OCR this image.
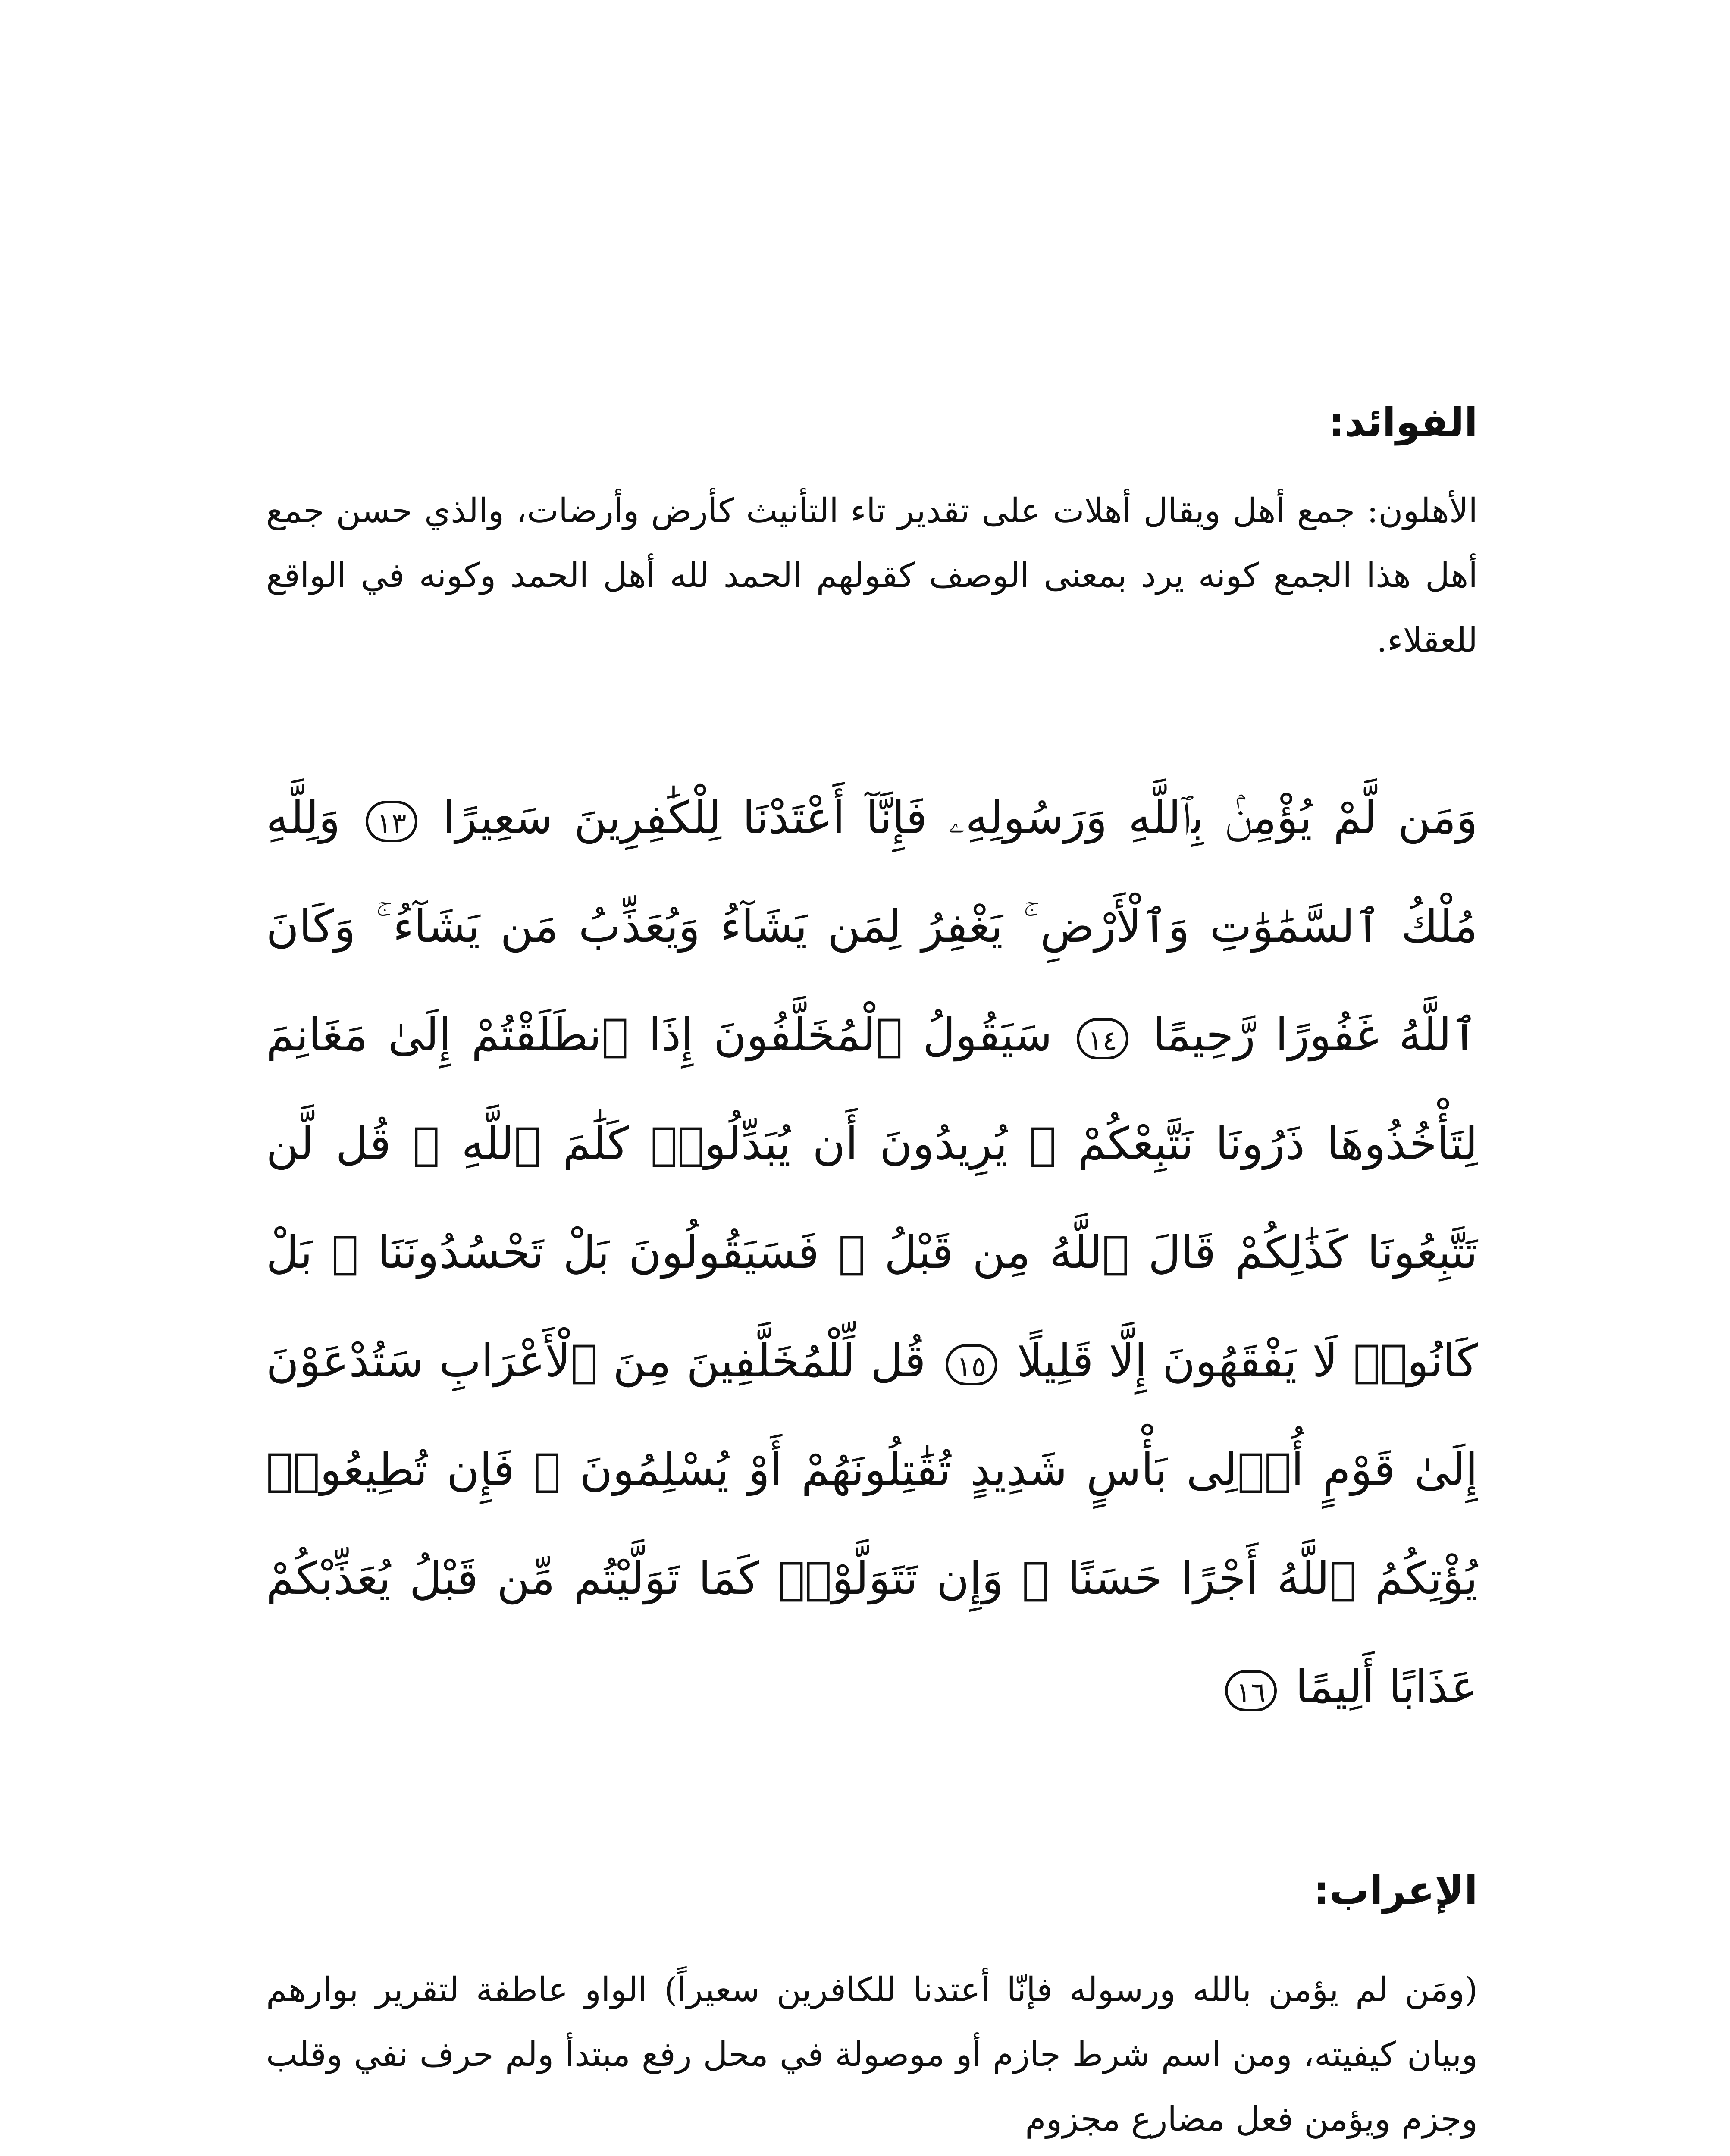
الفوائد:

الأهلون: جمع أهل ويقال أهلات على تقدير تاء التأنيث كأرض وأرضات، والذي حسن جمع أهل هذا الجمع كونه يرد بمعنى الوصف كقولهم الحمد لله أهل الحمد وكونه في الواقع للعقلاء.

وَمَن لَّمْ يُؤْمِنۢ بِٱللَّهِ وَرَسُولِهِۦ فَإِنَّآ أَعْتَدْنَا لِلْكَٰفِرِينَ سَعِيرًا ١٣ وَلِلَّهِ مُلْكُ ٱلسَّمَٰوَٰتِ وَٱلْأَرْضِ ۚ يَغْفِرُ لِمَن يَشَآءُ وَيُعَذِّبُ مَن يَشَآءُ ۚ وَكَانَ ٱللَّهُ غَفُورًا رَّحِيمًا ١٤ سَيَقُولُ ٱلْمُخَلَّفُونَ إِذَا ٱنطَلَقْتُمْ إِلَىٰ مَغَانِمَ لِتَأْخُذُوهَا ذَرُونَا نَتَّبِعْكُمْ ۖ يُرِيدُونَ أَن يُبَدِّلُوا۟ كَلَٰمَ ٱللَّهِ ۚ قُل لَّن تَتَّبِعُونَا كَذَٰلِكُمْ قَالَ ٱللَّهُ مِن قَبْلُ ۖ فَسَيَقُولُونَ بَلْ تَحْسُدُونَنَا ۚ بَلْ كَانُوا۟ لَا يَفْقَهُونَ إِلَّا قَلِيلًا ١٥ قُل لِّلْمُخَلَّفِينَ مِنَ ٱلْأَعْرَابِ سَتُدْعَوْنَ إِلَىٰ قَوْمٍ أُو۟لِى بَأْسٍ شَدِيدٍ تُقَٰتِلُونَهُمْ أَوْ يُسْلِمُونَ ۖ فَإِن تُطِيعُوا۟ يُؤْتِكُمُ ٱللَّهُ أَجْرًا حَسَنًا ۖ وَإِن تَتَوَلَّوْا۟ كَمَا تَوَلَّيْتُم مِّن قَبْلُ يُعَذِّبْكُمْ عَذَابًا أَلِيمًا ١٦

الإعراب:

(ومَن لم يؤمن بالله ورسوله فإنّا أعتدنا للكافرين سعيراً) الواو عاطفة لتقرير بوارهم وبيان كيفيته، ومن اسم شرط جازم أو موصولة في محل رفع مبتدأ ولم حرف نفي وقلب وجزم ويؤمن فعل مضارع مجزوم
